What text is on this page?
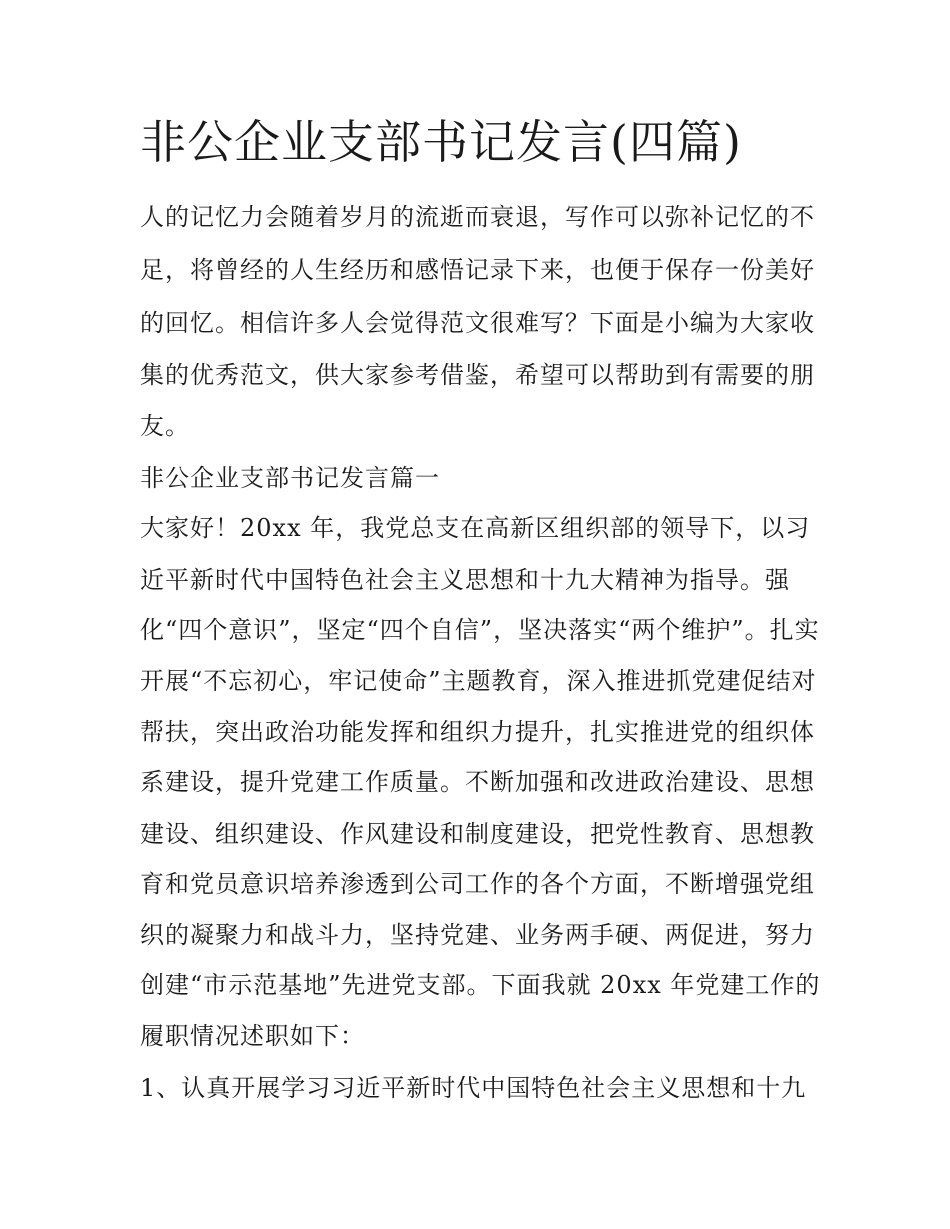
非公企业支部书记发言(四篇)

人的记忆力会随着岁月的流逝而衰退，写作可以弥补记忆的不

足，将曾经的人生经历和感悟记录下来，也便于保存一份美好

的回忆。相信许多人会觉得范文很难写？下面是小编为大家收

集的优秀范文，供大家参考借鉴，希望可以帮助到有需要的朋

友。

非公企业支部书记发言篇一

大家好！20xx 年，我党总支在高新区组织部的领导下，以习

近平新时代中国特色社会主义思想和十九大精神为指导。强

化“四个意识”，坚定“四个自信”，坚决落实“两个维护”。扎实

开展“不忘初心，牢记使命”主题教育，深入推进抓党建促结对

帮扶，突出政治功能发挥和组织力提升，扎实推进党的组织体

系建设，提升党建工作质量。不断加强和改进政治建设、思想

建设、组织建设、作风建设和制度建设，把党性教育、思想教

育和党员意识培养渗透到公司工作的各个方面，不断增强党组

织的凝聚力和战斗力，坚持党建、业务两手硬、两促进，努力

创建“市示范基地”先进党支部。下面我就 20xx 年党建工作的

履职情况述职如下：

1、认真开展学习习近平新时代中国特色社会主义思想和十九
